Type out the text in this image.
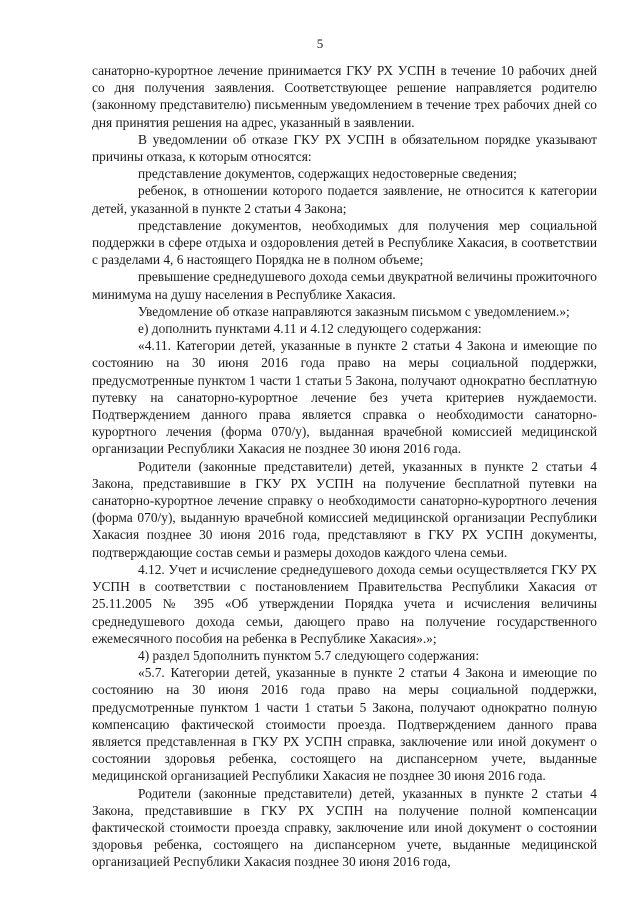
5

санаторно-курортное лечение принимается ГКУ РХ УСПН в течение 10 рабочих дней со дня получения заявления. Соответствующее решение направляется родителю (законному представителю) письменным уведомлением в течение трех рабочих дней со дня принятия решения на адрес, указанный в заявлении.

В уведомлении об отказе ГКУ РХ УСПН в обязательном порядке указывают причины отказа, к которым относятся:

представление документов, содержащих недостоверные сведения;

ребенок, в отношении которого подается заявление, не относится к категории детей, указанной в пункте 2 статьи 4 Закона;

представление документов, необходимых для получения мер социальной поддержки в сфере отдыха и оздоровления детей в Республике Хакасия, в соответствии с разделами 4, 6 настоящего Порядка не в полном объеме;

превышение среднедушевого дохода семьи двукратной величины прожиточного минимума на душу населения в Республике Хакасия.

Уведомление об отказе направляются заказным письмом с уведомлением.»;

е) дополнить пунктами 4.11 и 4.12 следующего содержания:

«4.11. Категории детей, указанные в пункте 2 статьи 4 Закона и имеющие по состоянию на 30 июня 2016 года право на меры социальной поддержки, предусмотренные пунктом 1 части 1 статьи 5 Закона, получают однократно бесплатную путевку на санаторно-курортное лечение без учета критериев нуждаемости. Подтверждением данного права является справка о необходимости санаторно-курортного лечения (форма 070/у), выданная врачебной комиссией медицинской организации Республики Хакасия не позднее 30 июня 2016 года.

Родители (законные представители) детей, указанных в пункте 2 статьи 4 Закона, представившие в ГКУ РХ УСПН на получение бесплатной путевки на санаторно-курортное лечение справку о необходимости санаторно-курортного лечения (форма 070/у), выданную врачебной комиссией медицинской организации Республики Хакасия позднее 30 июня 2016 года, представляют в ГКУ РХ УСПН документы, подтверждающие состав семьи и размеры доходов каждого члена семьи.

4.12. Учет и исчисление среднедушевого дохода семьи осуществляется ГКУ РХ УСПН в соответствии с постановлением Правительства Республики Хакасия от 25.11.2005 № 395 «Об утверждении Порядка учета и исчисления величины среднедушевого дохода семьи, дающего право на получение государственного ежемесячного пособия на ребенка в Республике Хакасия».»;

4) раздел 5дополнить пунктом 5.7 следующего содержания:

«5.7. Категории детей, указанные в пункте 2 статьи 4 Закона и имеющие по состоянию на 30 июня 2016 года право на меры социальной поддержки, предусмотренные пунктом 1 части 1 статьи 5 Закона, получают однократно полную компенсацию фактической стоимости проезда. Подтверждением данного права является представленная в ГКУ РХ УСПН справка, заключение или иной документ о состоянии здоровья ребенка, состоящего на диспансерном учете, выданные медицинской организацией Республики Хакасия не позднее 30 июня 2016 года.

Родители (законные представители) детей, указанных в пункте 2 статьи 4 Закона, представившие в ГКУ РХ УСПН на получение полной компенсации фактической стоимости проезда справку, заключение или иной документ о состоянии здоровья ребенка, состоящего на диспансерном учете, выданные медицинской организацией Республики Хакасия позднее 30 июня 2016 года,
